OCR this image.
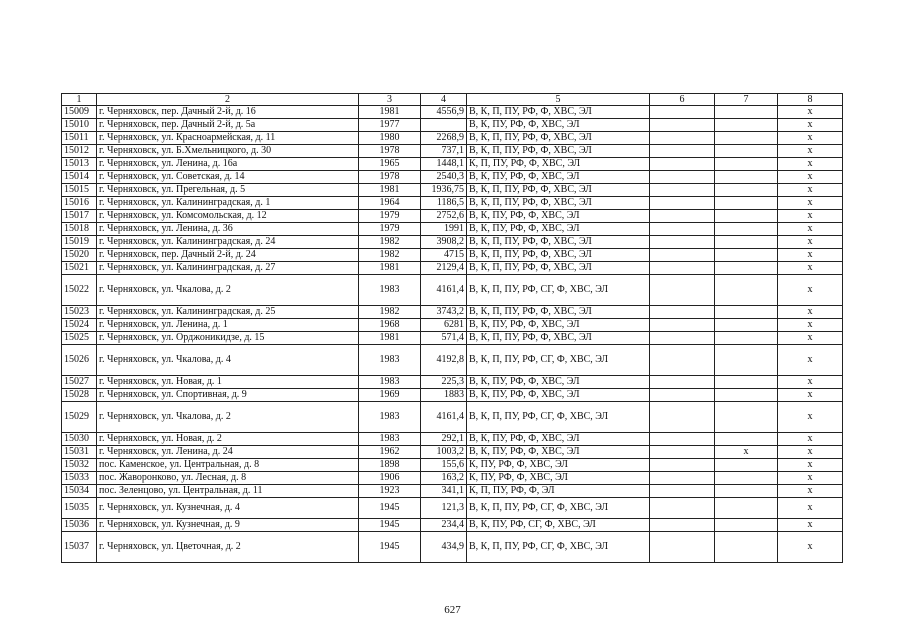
1	2	3	4	5	6	7	8
15009	г. Черняховск, пер. Дачный 2-й, д. 16	1981	4556,9	В, К, П, ПУ, РФ, Ф, ХВС, ЭЛ			х
15010	г. Черняховск, пер. Дачный 2-й, д. 5а	1977		В, К, ПУ, РФ, Ф, ХВС, ЭЛ			х
15011	г. Черняховск, ул. Красноармейская, д. 11	1980	2268,9	В, К, П, ПУ, РФ, Ф, ХВС, ЭЛ			х
15012	г. Черняховск, ул. Б.Хмельницкого, д. 30	1978	737,1	В, К, П, ПУ, РФ, Ф, ХВС, ЭЛ			х
15013	г. Черняховск, ул. Ленина, д. 16а	1965	1448,1	К, П, ПУ, РФ, Ф, ХВС, ЭЛ			х
15014	г. Черняховск, ул. Советская, д. 14	1978	2540,3	В, К, ПУ, РФ, Ф, ХВС, ЭЛ			х
15015	г. Черняховск, ул. Прегельная, д. 5	1981	1936,75	В, К, П, ПУ, РФ, Ф, ХВС, ЭЛ			х
15016	г. Черняховск, ул. Калининградская, д. 1	1964	1186,5	В, К, П, ПУ, РФ, Ф, ХВС, ЭЛ			х
15017	г. Черняховск, ул. Комсомольская, д. 12	1979	2752,6	В, К, ПУ, РФ, Ф, ХВС, ЭЛ			х
15018	г. Черняховск, ул. Ленина, д. 36	1979	1991	В, К, ПУ, РФ, Ф, ХВС, ЭЛ			х
15019	г. Черняховск, ул. Калининградская, д. 24	1982	3908,2	В, К, П, ПУ, РФ, Ф, ХВС, ЭЛ			х
15020	г. Черняховск, пер. Дачный 2-й, д. 24	1982	4715	В, К, П, ПУ, РФ, Ф, ХВС, ЭЛ			х
15021	г. Черняховск, ул. Калининградская, д. 27	1981	2129,4	В, К, П, ПУ, РФ, Ф, ХВС, ЭЛ			х
15022	г. Черняховск, ул. Чкалова, д. 2	1983	4161,4	В, К, П, ПУ, РФ, СГ, Ф, ХВС, ЭЛ			х
15023	г. Черняховск, ул. Калининградская, д. 25	1982	3743,2	В, К, П, ПУ, РФ, Ф, ХВС, ЭЛ			х
15024	г. Черняховск, ул. Ленина, д. 1	1968	6281	В, К, ПУ, РФ, Ф, ХВС, ЭЛ			х
15025	г. Черняховск, ул. Орджоникидзе, д. 15	1981	571,4	В, К, П, ПУ, РФ, Ф, ХВС, ЭЛ			х
15026	г. Черняховск, ул. Чкалова, д. 4	1983	4192,8	В, К, П, ПУ, РФ, СГ, Ф, ХВС, ЭЛ			х
15027	г. Черняховск, ул. Новая, д. 1	1983	225,3	В, К, ПУ, РФ, Ф, ХВС, ЭЛ			х
15028	г. Черняховск, ул. Спортивная, д. 9	1969	1883	В, К, ПУ, РФ, Ф, ХВС, ЭЛ			х
15029	г. Черняховск, ул. Чкалова, д. 2	1983	4161,4	В, К, П, ПУ, РФ, СГ, Ф, ХВС, ЭЛ			х
15030	г. Черняховск, ул. Новая, д. 2	1983	292,1	В, К, ПУ, РФ, Ф, ХВС, ЭЛ			х
15031	г. Черняховск, ул. Ленина, д. 24	1962	1003,2	В, К, ПУ, РФ, Ф, ХВС, ЭЛ		х	х
15032	пос. Каменское, ул. Центральная, д. 8	1898	155,6	К, ПУ, РФ, Ф, ХВС, ЭЛ			х
15033	пос. Жаворонково, ул. Лесная, д. 8	1906	163,2	К, ПУ, РФ, Ф, ХВС, ЭЛ			х
15034	пос. Зеленцово, ул. Центральная, д. 11	1923	341,1	К, П, ПУ, РФ, Ф, ЭЛ			х
15035	г. Черняховск, ул. Кузнечная, д. 4	1945	121,3	В, К, П, ПУ, РФ, СГ, Ф, ХВС, ЭЛ			х
15036	г. Черняховск, ул. Кузнечная, д. 9	1945	234,4	В, К, ПУ, РФ, СГ, Ф, ХВС, ЭЛ			х
15037	г. Черняховск, ул. Цветочная, д. 2	1945	434,9	В, К, П, ПУ, РФ, СГ, Ф, ХВС, ЭЛ			х
627
